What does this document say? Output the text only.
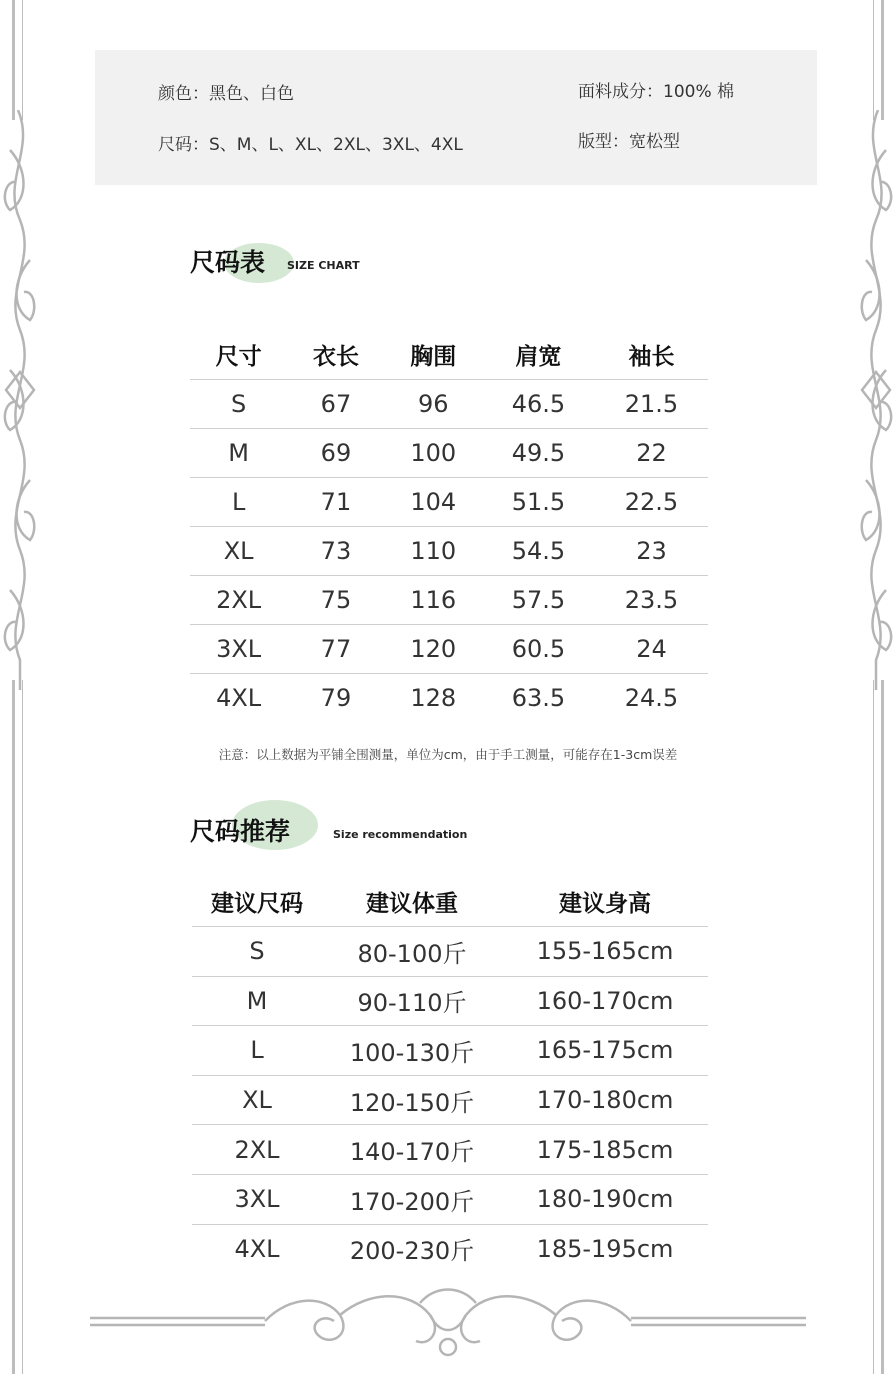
颜色：黑色、白色
尺码：S、M、L、XL、2XL、3XL、4XL
面料成分：100% 棉
版型：宽松型
尺码表 SIZE CHART
尺寸	衣长	胸围	肩宽	袖长
S	67	96	46.5	21.5
M	69	100	49.5	22
L	71	104	51.5	22.5
XL	73	110	54.5	23
2XL	75	116	57.5	23.5
3XL	77	120	60.5	24
4XL	79	128	63.5	24.5
注意：以上数据为平铺全围测量，单位为cm，由于手工测量，可能存在1-3cm误差
尺码推荐	Size recommendation
建议尺码	建议体重	建议身高
S	80-100斤	155-165cm
M	90-110斤	160-170cm
L	100-130斤	165-175cm
XL	120-150斤	170-180cm
2XL	140-170斤	175-185cm
3XL	170-200斤	180-190cm
4XL	200-230斤	185-195cm
